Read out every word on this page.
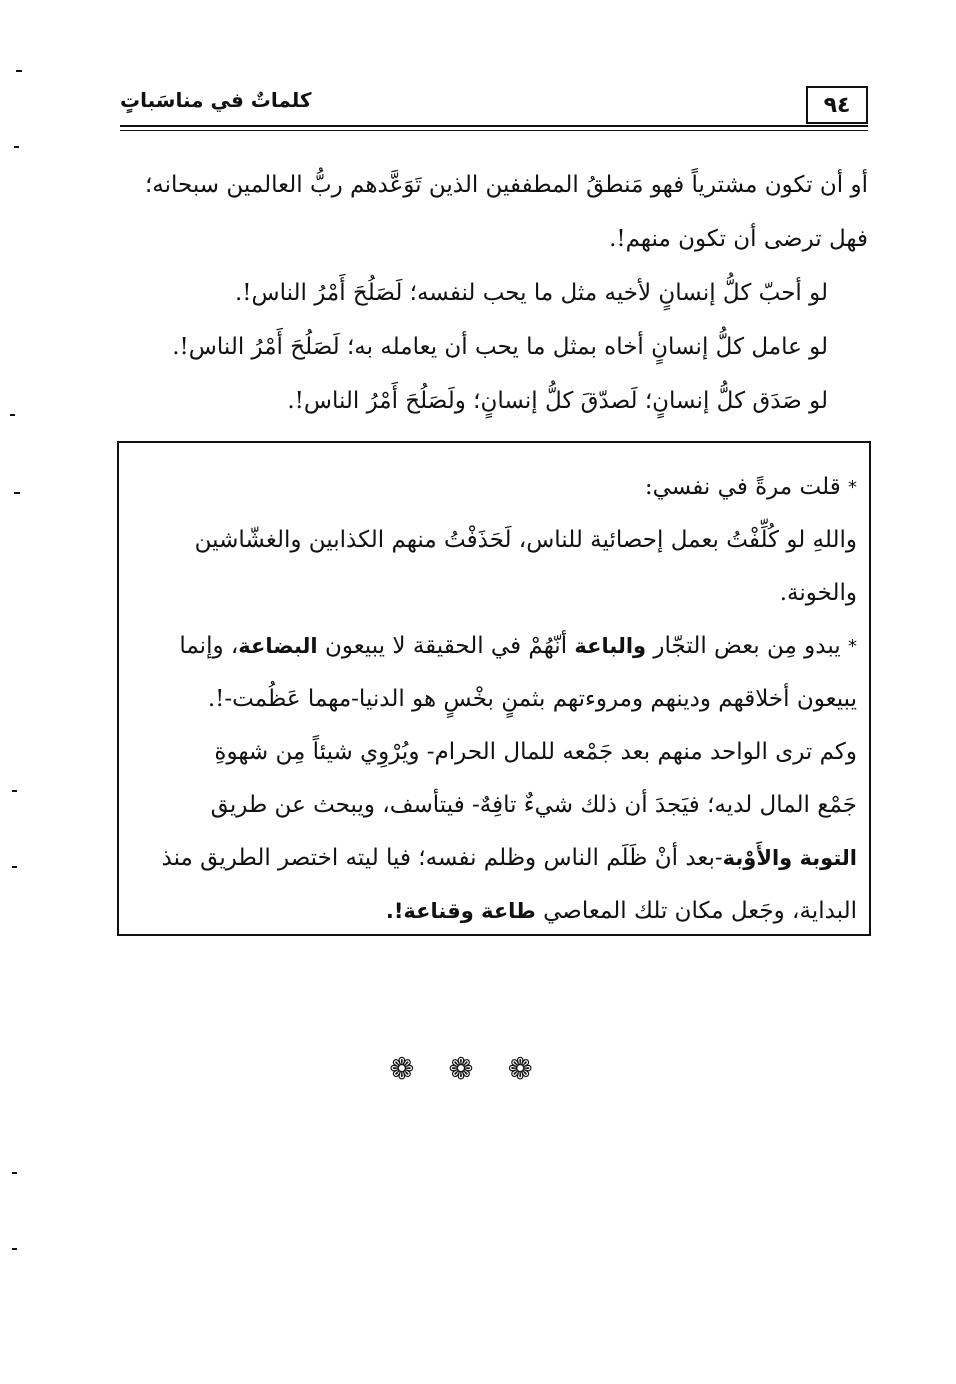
٩٤
كلماتٌ في مناسَباتٍ

أو أن تكون مشترياً فهو مَنطقُ المطففين الذين تَوَعَّدهم ربُّ العالمين سبحانه؛

فهل ترضى أن تكون منهم!.

لو أحبّ كلُّ إنسانٍ لأخيه مثل ما يحب لنفسه؛ لَصَلُحَ أَمْرُ الناس!.

لو عامل كلُّ إنسانٍ أخاه بمثل ما يحب أن يعامله به؛ لَصَلُحَ أَمْرُ الناس!.

لو صَدَق كلُّ إنسانٍ؛ لَصدّقَ كلُّ إنسانٍ؛ ولَصَلُحَ أَمْرُ الناس!.

* قلت مرةً في نفسي:
واللهِ لو كُلِّفْتُ بعمل إحصائية للناس، لَحَذَفْتُ منهم الكذابين والغشّاشين
والخونة.

* يبدو مِن بعض التجّار والباعة أنّهُمْ في الحقيقة لا يبيعون البضاعة، وإنما
يبيعون أخلاقهم ودينهم ومروءتهم بثمنٍ بخْسٍ هو الدنيا-مهما عَظُمت-!.
وكم ترى الواحد منهم بعد جَمْعه للمال الحرام- ويُرْوِي شيئاً مِن شهوةِ
جَمْع المال لديه؛ فيَجدَ أن ذلك شيءٌ تافِهٌ- فيتأسف، ويبحث عن طريق
التوبة والأَوْبة-بعد أنْ ظَلَم الناس وظلم نفسه؛ فيا ليته اختصر الطريق منذ
البداية، وجَعل مكان تلك المعاصي طاعة وقناعة!.

❁❁❁
